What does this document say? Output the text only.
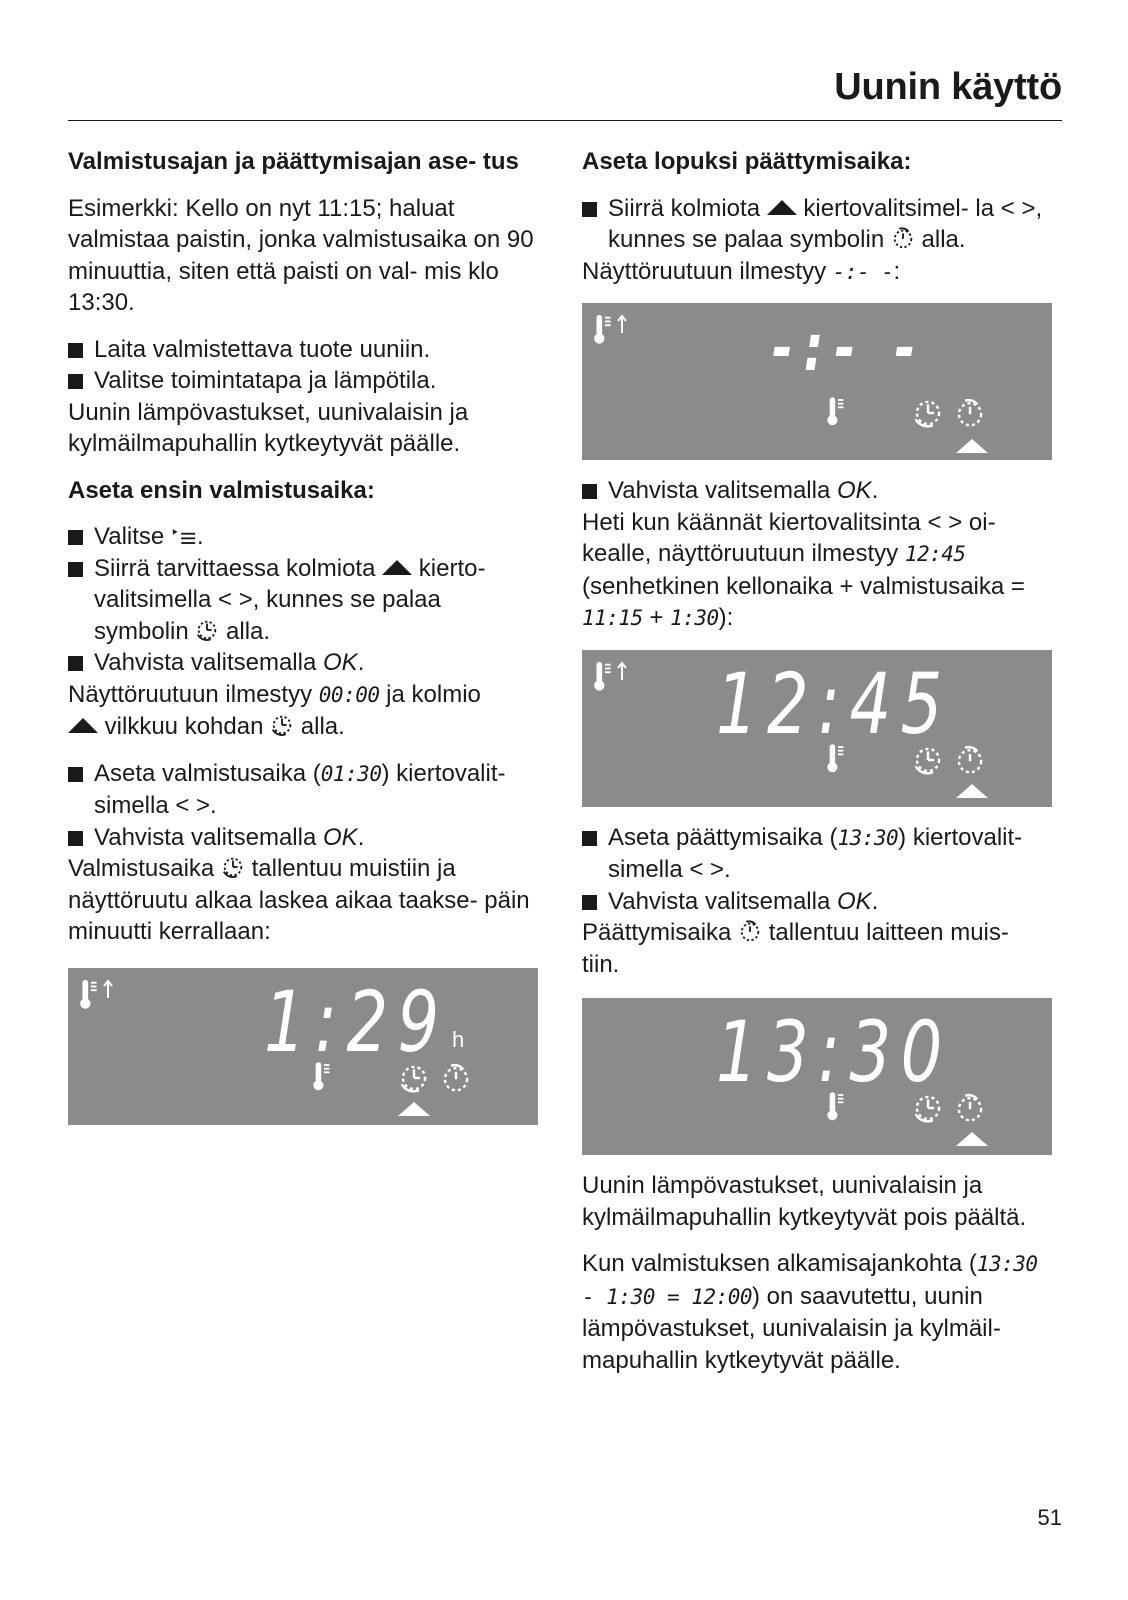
Uunin käyttö
Valmistusajan ja päättymisajan ase- tus

Esimerkki: Kello on nyt 11:15; haluat valmistaa paistin, jonka valmistusaika on 90 minuuttia, siten että paisti on val- mis klo 13:30.

Laita valmistettava tuote uuniin.

Valitse toimintatapa ja lämpötila.

Uunin lämpövastukset, uunivalaisin ja kylmäilmapuhallin kytkeytyvät päälle.

Aseta ensin valmistusaika:

Valitse .

Siirrä tarvittaessa kolmiota kierto- valitsimella < >, kunnes se palaa symbolin alla.

Vahvista valitsemalla OK.

Näyttöruutuun ilmestyy 00:00 ja kolmio
vilkkuu kohdan alla.

Aseta valmistusaika (01:30) kiertovalit- simella < >.

Vahvista valitsemalla OK.

Valmistusaika tallentuu muistiin ja näyttöruutu alkaa laskea aikaa taakse- päin minuutti kerrallaan:

1:29 h
Aseta lopuksi päättymisaika:

Siirrä kolmiota kiertovalitsimel- la < >, kunnes se palaa symbolin alla.

Näyttöruutuun ilmestyy -:- -:

-:- -

Vahvista valitsemalla OK.

Heti kun käännät kiertovalitsinta < > oi- kealle, näyttöruutuun ilmestyy 12:45 (senhetkinen kellonaika + valmistusaika = 11:15 + 1:30):

12:45

Aseta päättymisaika (13:30) kiertovalit- simella < >.

Vahvista valitsemalla OK.

Päättymisaika tallentuu laitteen muis- tiin.

13:30

Uunin lämpövastukset, uunivalaisin ja kylmäilmapuhallin kytkeytyvät pois päältä.

Kun valmistuksen alkamisajankohta (13:30 - 1:30 = 12:00) on saavutettu, uunin lämpövastukset, uunivalaisin ja kylmäil- mapuhallin kytkeytyvät päälle.

51
